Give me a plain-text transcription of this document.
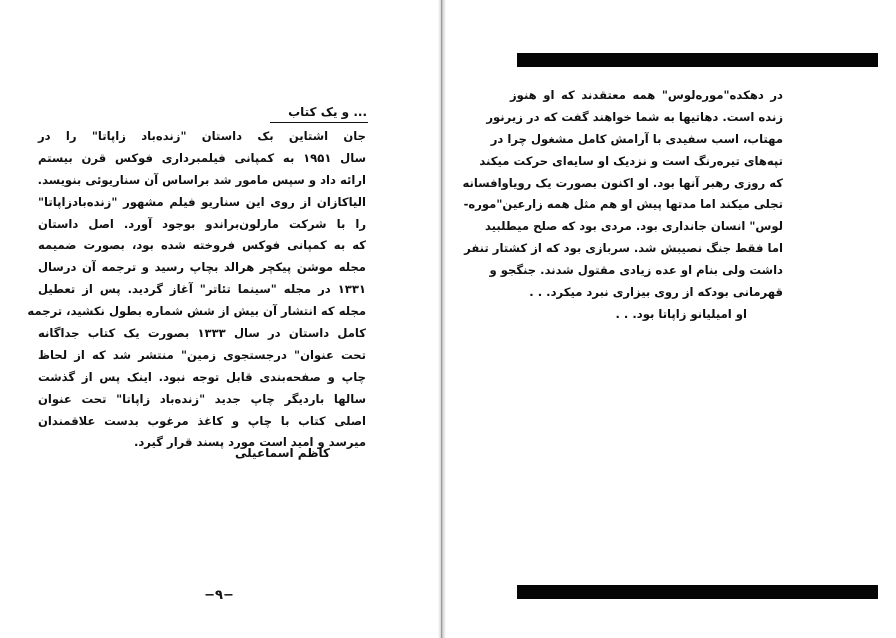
... و یک کتاب
جان اشتاین بک داستان "زنده‌باد زاپاتا" را در
سال ۱۹۵۱ به کمپانی فیلمبرداری فوکس قرن بیستم
ارائه داد و سپس مامور شد براساس آن سناریوئی بنویسد.
الیاکازان از روی این سناریو فیلم مشهور "زنده‌بادزاپاتا"
را با شرکت مارلون‌براندو بوجود آورد. اصل داستان
که به کمپانی فوکس فروخته شده بود، بصورت ضمیمه
مجله موشن پیکچر هرالد بچاپ رسید و ترجمه آن درسال
۱۳۳۱ در مجله "سینما تئاتر" آغاز گردید. پس از تعطیل
مجله که انتشار آن بیش از شش شماره بطول نکشید، ترجمه
کامل داستان در سال ۱۳۳۳ بصورت یک کتاب جداگانه
تحت عنوان" درجستجوی زمین" منتشر شد که از لحاظ
چاپ و صفحه‌بندی قابل توجه نبود. اینک پس از گذشت
سالها باردیگر چاپ جدید "زنده‌باد زاپاتا" تحت عنوان
اصلی کتاب با چاپ و کاغذ مرغوب بدست علاقمندان
میرسد و امید است مورد پسند قرار گیرد.
کاظم اسماعیلی
−۹−
در دهکده"موره‌لوس" همه معتقدند که او هنوز
زنده است. دهاتیها به شما خواهند گفت که در زیرنور
مهتاب، اسب سفیدی با آرامش کامل مشغول چرا در
تپه‌های تیره‌رنگ است و نزدیک او سایه‌ای حرکت میکند
که روزی رهبر آنها بود. او اکنون بصورت یک رویاوافسانه
تجلی میکند اما مدتها پیش او هم مثل همه زارعین"موره-
لوس" انسان جانداری بود. مردی بود که صلح میطلبید
اما فقط جنگ نصیبش شد. سربازی بود که از کشتار تنفر
داشت ولی بنام او عده زیادی مقتول شدند. جنگجو و
قهرمانی بودکه از روی بیزاری نبرد میکرد. . .
او امیلیانو زاپاتا بود. . .
